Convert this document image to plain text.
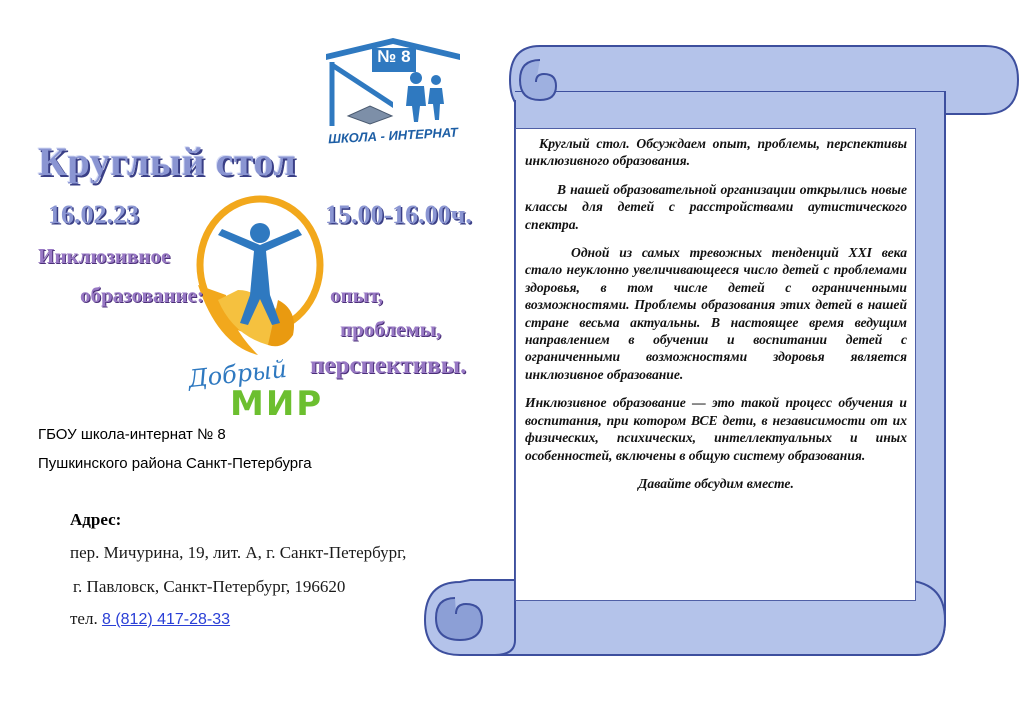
№ 8
ШКОЛА - ИНТЕРНАТ
Добрый
МИР
Круглый стол
16.02.23	15.00-16.00ч.
Инклюзивное
образование:	опыт,
проблемы,
перспективы.
ГБОУ школа-интернат № 8
Пушкинского района Санкт-Петербурга
Адрес:
пер. Мичурина, 19, лит. А, г. Санкт-Петербург,
г. Павловск, Санкт-Петербург, 196620
тел. 8 (812) 417-28-33

Круглый стол. Обсуждаем опыт, проблемы, перспективы инклюзивного образования.

В нашей образовательной организации открылись новые классы для детей с расстройствами аутистического спектра.

Одной из самых тревожных тенденций XXI века стало неуклонно увеличивающееся число детей с проблемами здоровья, в том числе детей с ограниченными возможностями. Проблемы образования этих детей в нашей стране весьма актуальны. В настоящее время ведущим направлением в обучении и воспитании детей с ограниченными возможностями здоровья является инклюзивное образование.

Инклюзивное образование — это такой процесс обучения и воспитания, при котором ВСЕ дети, в независимости от их физических, психических, интеллектуальных и иных особенностей, включены в общую систему образования.

Давайте обсудим вместе.
